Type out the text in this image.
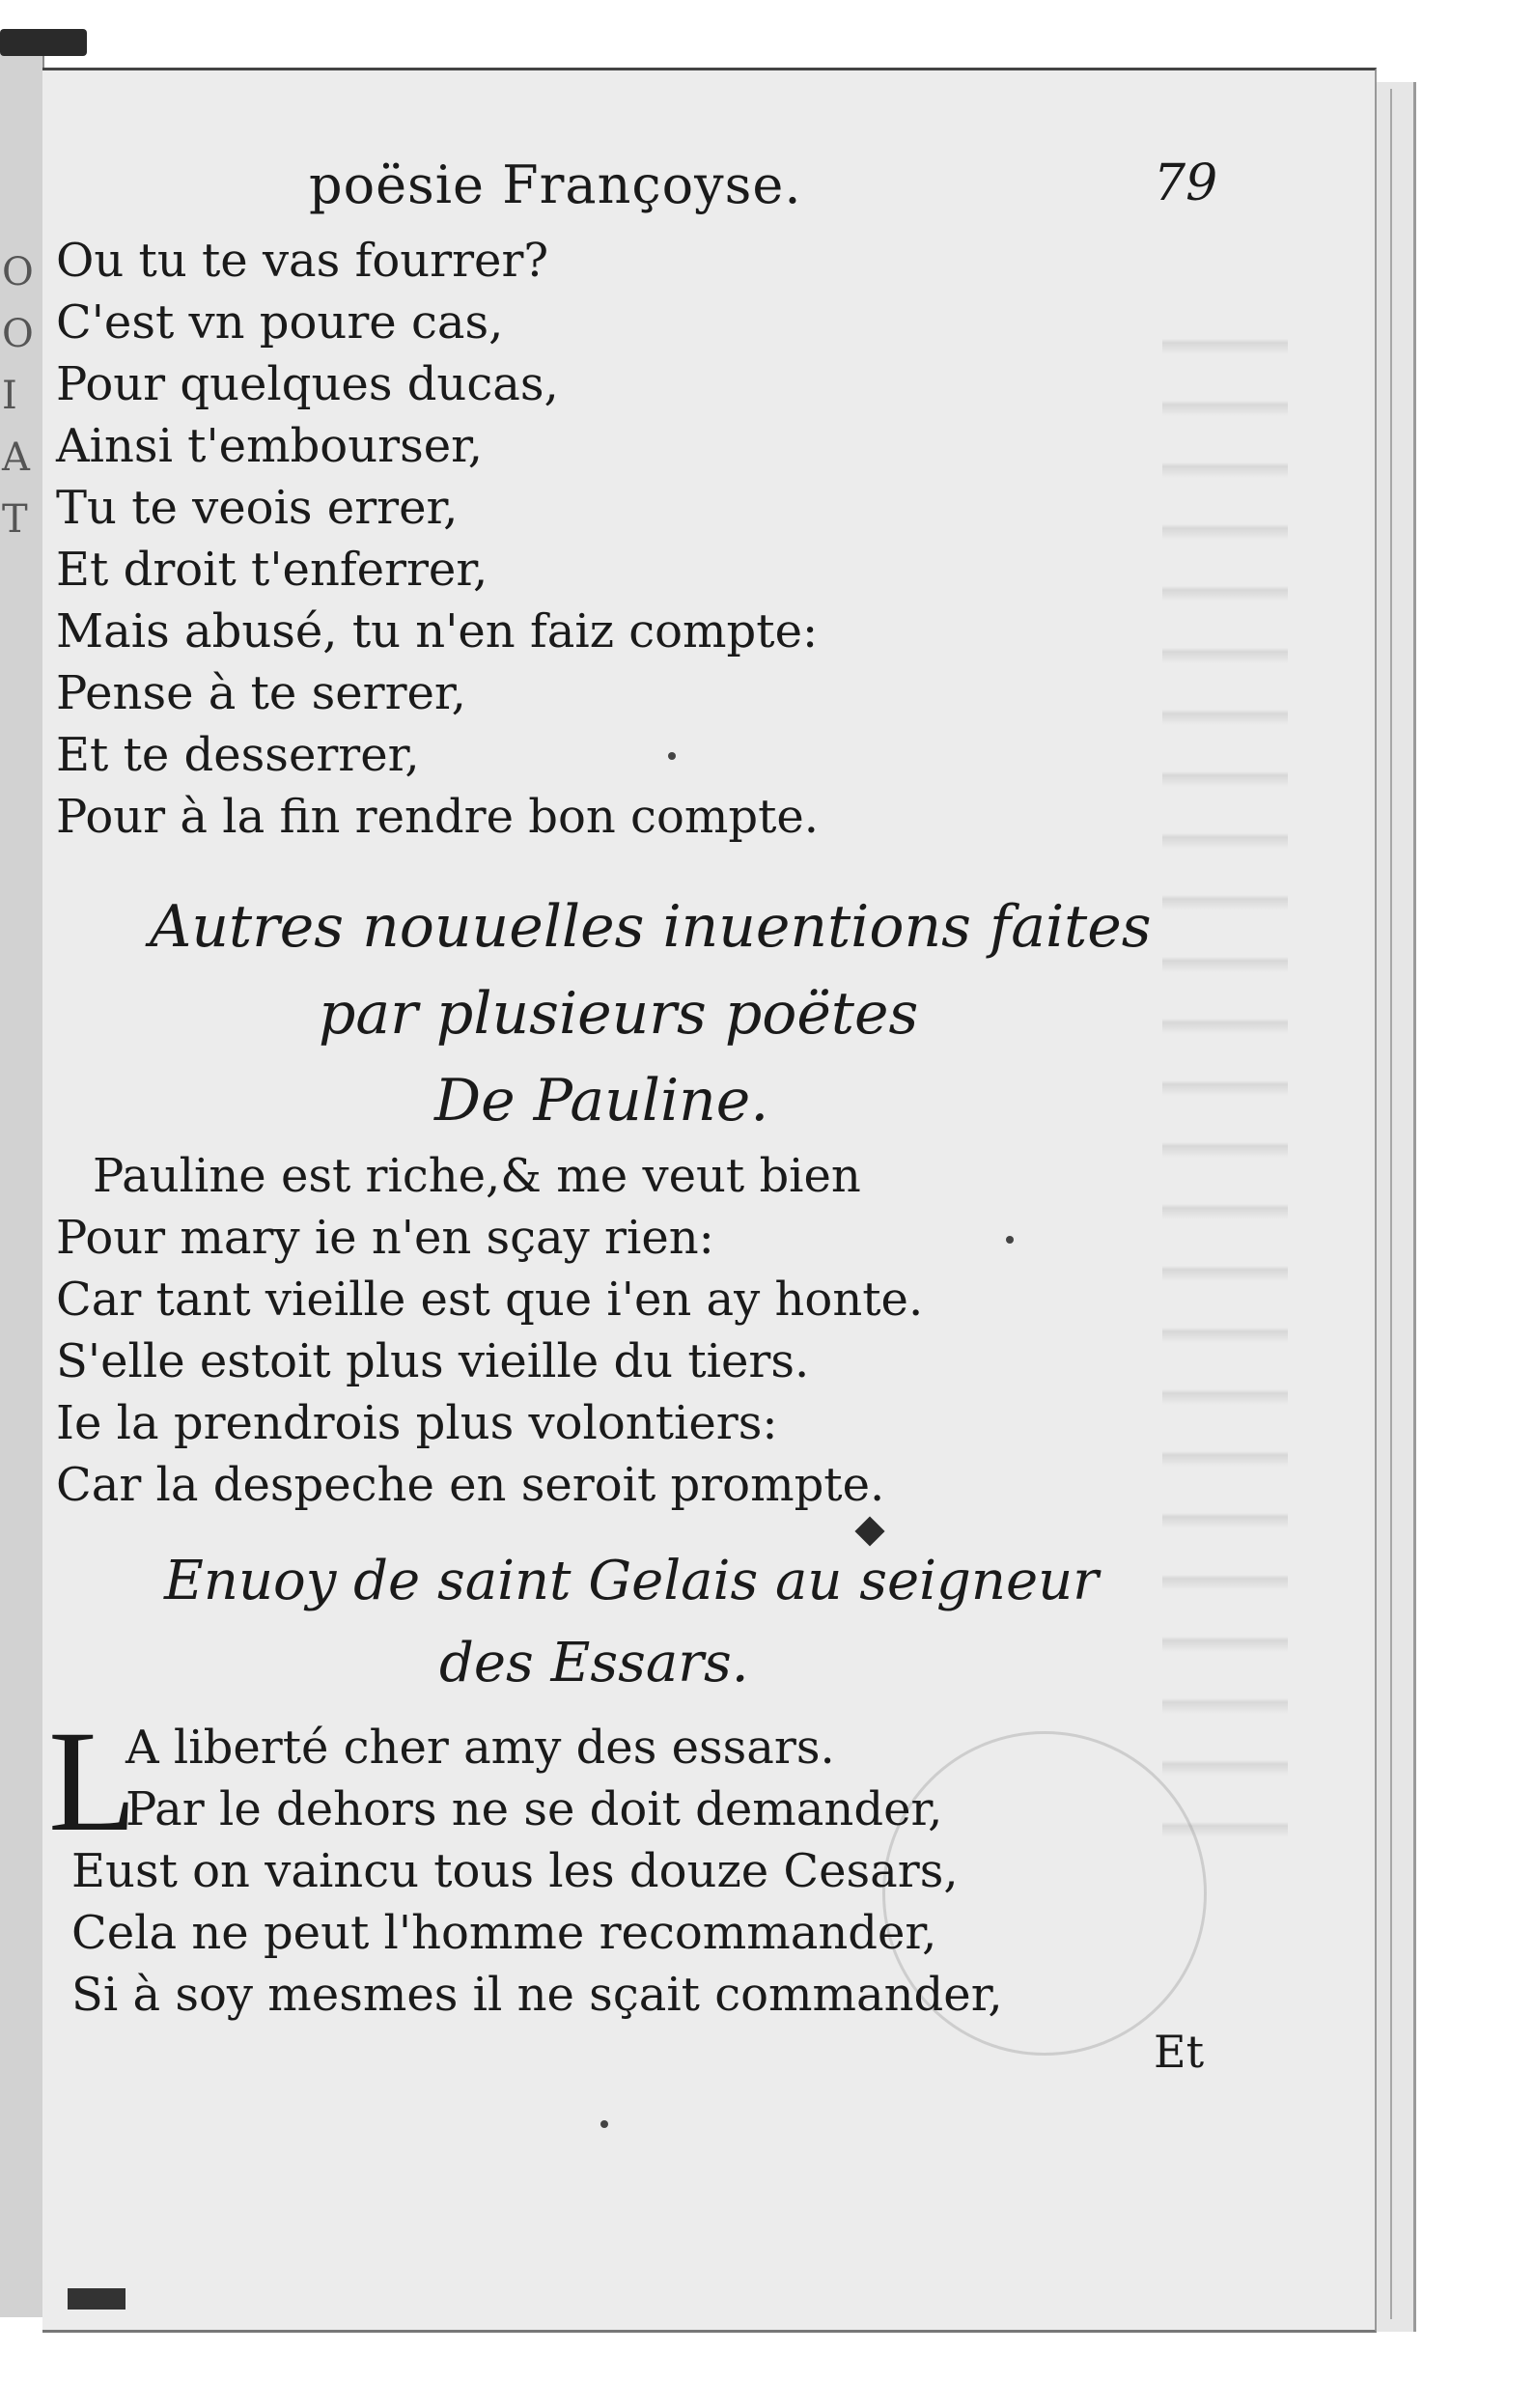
O
O
I
A
T
poësie Françoyse.	79
Ou tu te vas fourrer?
C'est vn poure cas,
Pour quelques ducas,
Ainsi t'embourser,
Tu te veois errer,
Et droit t'enferrer,
Mais abusé, tu n'en faiz compte:
Pense à te serrer,
Et te desserrer,
Pour à la fin rendre bon compte.
Autres nouuelles inuentions faites
par plusieurs poëtes
De Pauline.
Pauline est riche,& me veut bien
Pour mary ie n'en sçay rien:
Car tant vieille est que i'en ay honte.
S'elle estoit plus vieille du tiers.
Ie la prendrois plus volontiers:
Car la despeche en seroit prompte.
Enuoy de saint Gelais au seigneur
des Essars.
L
A liberté cher amy des essars.
Par le dehors ne se doit demander,
Eust on vaincu tous les douze Cesars,
Cela ne peut l'homme recommander,
Si à soy mesmes il ne sçait commander,
Et
